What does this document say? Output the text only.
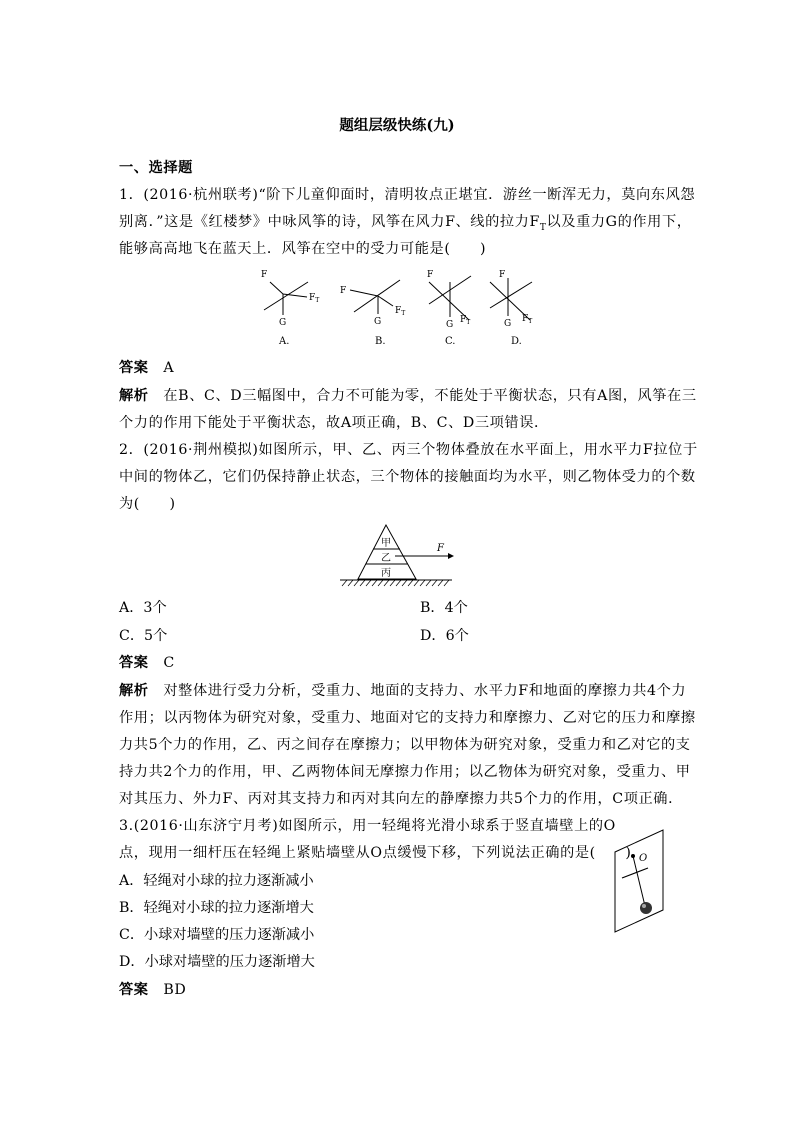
题组层级快练(九)
一、选择题
1．(2016·杭州联考)“阶下儿童仰面时，清明妆点正堪宜．游丝一断浑无力，莫向东风怨
别离．”这是《红楼梦》中咏风筝的诗，风筝在风力F、线的拉力$F_T$以及重力G的作用下，
能够高高地飞在蓝天上．风筝在空中的受力可能是(　　)
F
$F_T$
G
F
$F_T$
G
F
$F_T$
G
F
$F_T$
G
A.	B.	C.	D.
答案　 A
解析　 在B、C、D三幅图中，合力不可能为零，不能处于平衡状态，只有A图，风筝在三
个力的作用下能处于平衡状态，故A项正确，B、C、D三项错误．
2．(2016·荆州模拟)如图所示，甲、乙、丙三个物体叠放在水平面上，用水平力F拉位于
中间的物体乙，它们仍保持静止状态，三个物体的接触面均为水平，则乙物体受力的个数
为(　　)
甲
乙
丙
F
A．3个	B．4个
C．5个	D．6个
答案　 C
解析　 对整体进行受力分析，受重力、地面的支持力、水平力F和地面的摩擦力共4个力
作用；以丙物体为研究对象，受重力、地面对它的支持力和摩擦力、乙对它的压力和摩擦
力共5个力的作用，乙、丙之间存在摩擦力；以甲物体为研究对象，受重力和乙对它的支
持力共2个力的作用，甲、乙两物体间无摩擦力作用；以乙物体为研究对象，受重力、甲
对其压力、外力F、丙对其支持力和丙对其向左的静摩擦力共5个力的作用，C项正确．
3.(2016·山东济宁月考)如图所示，用一轻绳将光滑小球系于竖直墙壁上的O
点，现用一细杆压在轻绳上紧贴墙壁从O点缓慢下移，下列说法正确的是(　　)
A．轻绳对小球的拉力逐渐减小
B．轻绳对小球的拉力逐渐增大
C．小球对墙壁的压力逐渐减小
D．小球对墙壁的压力逐渐增大
O
答案　 BD
